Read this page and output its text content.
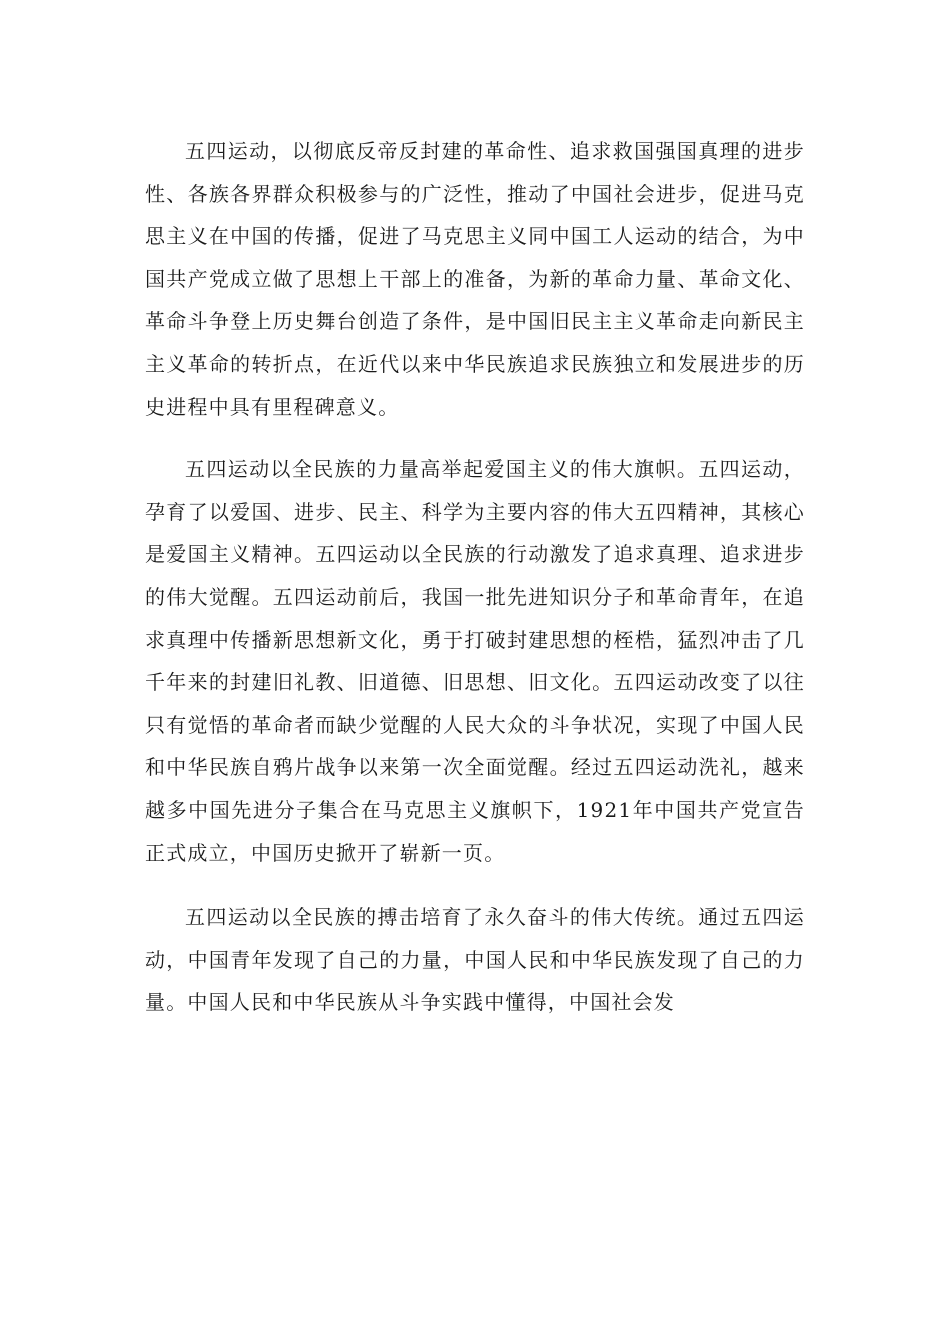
五四运动，以彻底反帝反封建的革命性、追求救国强国真理的进步性、各族各界群众积极参与的广泛性，推动了中国社会进步，促进马克思主义在中国的传播，促进了马克思主义同中国工人运动的结合，为中国共产党成立做了思想上干部上的准备，为新的革命力量、革命文化、革命斗争登上历史舞台创造了条件，是中国旧民主主义革命走向新民主主义革命的转折点，在近代以来中华民族追求民族独立和发展进步的历史进程中具有里程碑意义。

五四运动以全民族的力量高举起爱国主义的伟大旗帜。五四运动，孕育了以爱国、进步、民主、科学为主要内容的伟大五四精神，其核心是爱国主义精神。五四运动以全民族的行动激发了追求真理、追求进步的伟大觉醒。五四运动前后，我国一批先进知识分子和革命青年，在追求真理中传播新思想新文化，勇于打破封建思想的桎梏，猛烈冲击了几千年来的封建旧礼教、旧道德、旧思想、旧文化。五四运动改变了以往只有觉悟的革命者而缺少觉醒的人民大众的斗争状况，实现了中国人民和中华民族自鸦片战争以来第一次全面觉醒。经过五四运动洗礼，越来越多中国先进分子集合在马克思主义旗帜下，1921年中国共产党宣告正式成立，中国历史掀开了崭新一页。

五四运动以全民族的搏击培育了永久奋斗的伟大传统。通过五四运动，中国青年发现了自己的力量，中国人民和中华民族发现了自己的力量。中国人民和中华民族从斗争实践中懂得，中国社会发
